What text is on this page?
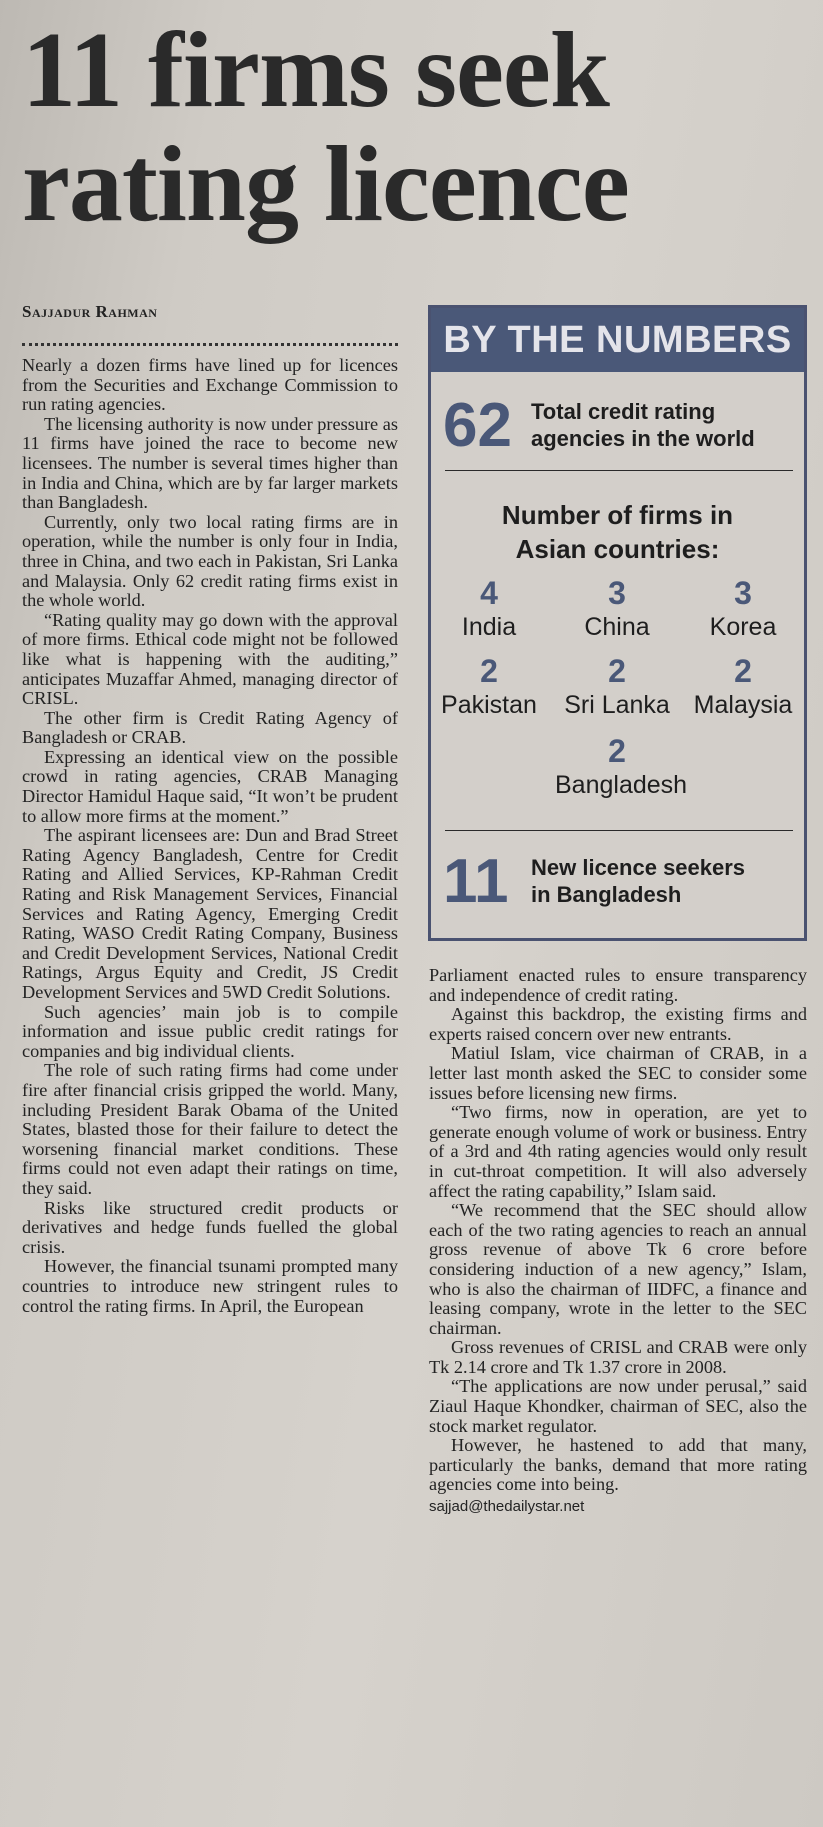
11 firms seek rating licence
Sajjadur Rahman

Nearly a dozen firms have lined up for licences from the Securities and Exchange Commission to run rating agencies.

The licensing authority is now under pressure as 11 firms have joined the race to become new licensees. The number is several times higher than in India and China, which are by far larger markets than Bangladesh.

Currently, only two local rating firms are in operation, while the number is only four in India, three in China, and two each in Pakistan, Sri Lanka and Malaysia. Only 62 credit rating firms exist in the whole world.

“Rating quality may go down with the approval of more firms. Ethical code might not be followed like what is happening with the auditing,” anticipates Muzaffar Ahmed, managing director of CRISL.

The other firm is Credit Rating Agency of Bangladesh or CRAB.

Expressing an identical view on the possible crowd in rating agencies, CRAB Managing Director Hamidul Haque said, “It won’t be prudent to allow more firms at the moment.”

The aspirant licensees are: Dun and Brad Street Rating Agency Bangladesh, Centre for Credit Rating and Allied Services, KP-Rahman Credit Rating and Risk Management Services, Financial Services and Rating Agency, Emerging Credit Rating, WASO Credit Rating Company, Business and Credit Development Services, National Credit Ratings, Argus Equity and Credit, JS Credit Development Services and 5WD Credit Solutions.

Such agencies’ main job is to compile information and issue public credit ratings for companies and big individual clients.

The role of such rating firms had come under fire after financial crisis gripped the world. Many, including President Barak Obama of the United States, blasted those for their failure to detect the worsening financial market conditions. These firms could not even adapt their ratings on time, they said.

Risks like structured credit products or derivatives and hedge funds fuelled the global crisis.

However, the financial tsunami prompted many countries to introduce new stringent rules to control the rating firms. In April, the European

BY THE NUMBERS
62 Total credit rating
agencies in the world
Number of firms in
Asian countries:
4
India
3
China
3
Korea
2
Pakistan
2
Sri Lanka
2
Malaysia
2
Bangladesh
11 New licence seekers
in Bangladesh

Parliament enacted rules to ensure transparency and independence of credit rating.

Against this backdrop, the existing firms and experts raised concern over new entrants.

Matiul Islam, vice chairman of CRAB, in a letter last month asked the SEC to consider some issues before licensing new firms.

“Two firms, now in operation, are yet to generate enough volume of work or business. Entry of a 3rd and 4th rating agencies would only result in cut-throat competition. It will also adversely affect the rating capability,” Islam said.

“We recommend that the SEC should allow each of the two rating agencies to reach an annual gross revenue of above Tk 6 crore before considering induction of a new agency,” Islam, who is also the chairman of IIDFC, a finance and leasing company, wrote in the letter to the SEC chairman.

Gross revenues of CRISL and CRAB were only Tk 2.14 crore and Tk 1.37 crore in 2008.

“The applications are now under perusal,” said Ziaul Haque Khondker, chairman of SEC, also the stock market regulator.

However, he hastened to add that many, particularly the banks, demand that more rating agencies come into being.

sajjad@thedailystar.net
